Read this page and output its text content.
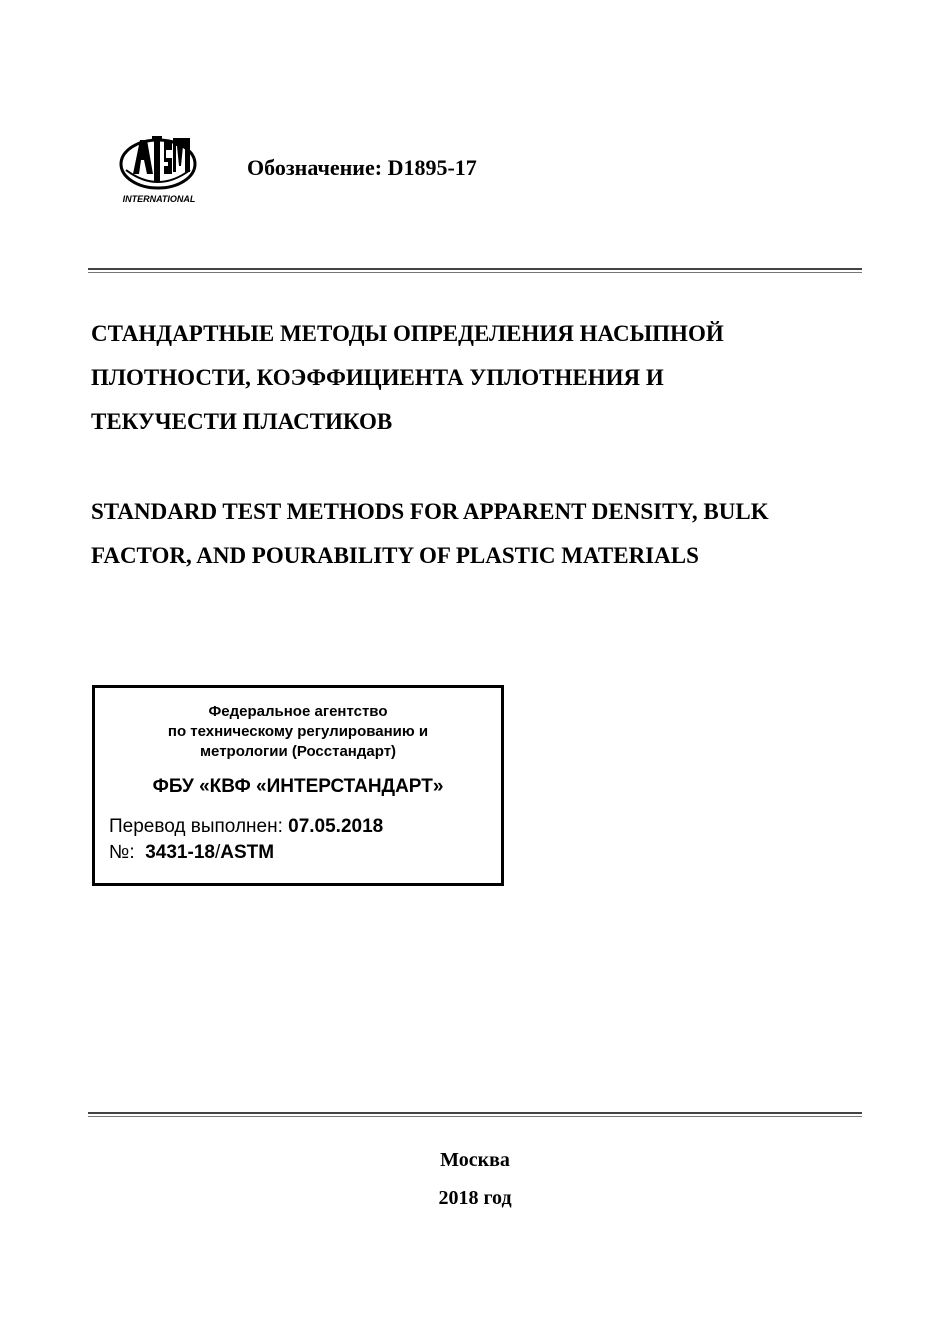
INTERNATIONAL
Обозначение: D1895-17
СТАНДАРТНЫЕ МЕТОДЫ ОПРЕДЕЛЕНИЯ НАСЫПНОЙ
ПЛОТНОСТИ, КОЭФФИЦИЕНТА УПЛОТНЕНИЯ И
ТЕКУЧЕСТИ ПЛАСТИКОВ
STANDARD TEST METHODS FOR APPARENT DENSITY, BULK
FACTOR, AND POURABILITY OF PLASTIC MATERIALS
Федеральное агентство
по техническому регулированию и
метрологии (Росстандарт)
ФБУ «КВФ «ИНТЕРСТАНДАРТ»
Перевод выполнен: 07.05.2018
№: 3431-18/ASTM
Москва
2018 год
